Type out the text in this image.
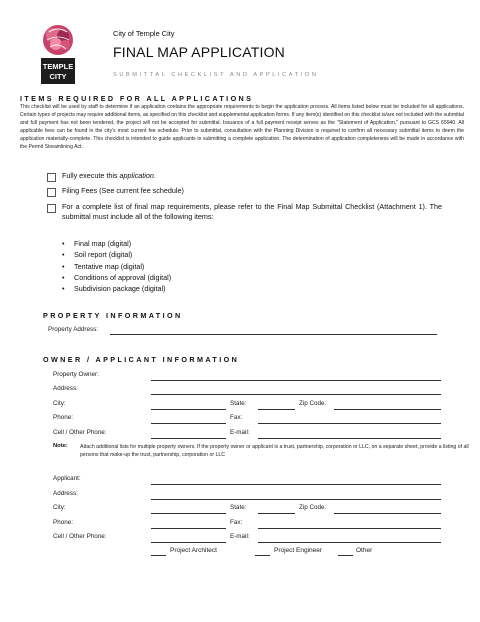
TEMPLE
CITY
City of Temple City
FINAL MAP APPLICATION
SUBMITTAL CHECKLIST AND APPLICATION
ITEMS REQUIRED FOR ALL APPLICATIONS
This checklist will be used by staff to determine if an application contains the appropriate requirements to begin the application process. All items listed below must be included for all applications. Certain types of projects may require additional items, as specified on this checklist and supplemental application forms. If any item(s) identified on this checklist is/are not included with the submittal and full payment has not been tendered, the project will not be accepted for submittal. Issuance of a full payment receipt serves as the "Statement of Application," pursuant to GCS 65940. All applicable fees can be found in the city's most current fee schedule. Prior to submittal, consultation with the Planning Division is required to confirm all necessary submittal items to deem the application materially-complete. This checklist is intended to guide applicants in submitting a complete application. The determination of application completeness will be made in accordance with the Permit Streamlining Act.
Fully execute this application.
Filing Fees (See current fee schedule)
For a complete list of final map requirements, please refer to the Final Map Submittal Checklist (Attachment 1). The submittal must include all of the following items:
• Final map (digital)
• Soil report (digital)
• Tentative map (digital)
• Conditions of approval (digital)
• Subdivision package (digital)
PROPERTY INFORMATION
Property Address:
OWNER / APPLICANT INFORMATION
Property Owner:
Address:
City:	State:	Zip Code:
Phone:	Fax:
Cell / Other Phone:	E-mail:
Note: Attach additional lists for multiple property owners. If the property owner or applicant is a trust, partnership, corporation or LLC, on a separate sheet, provide a listing of all persons that make-up the trust, partnership, corporation or LLC
Applicant:
Address:
City:	State:	Zip Code:
Phone:	Fax:
Cell / Other Phone:	E-mail:
Project Architect	Project Engineer	Other
